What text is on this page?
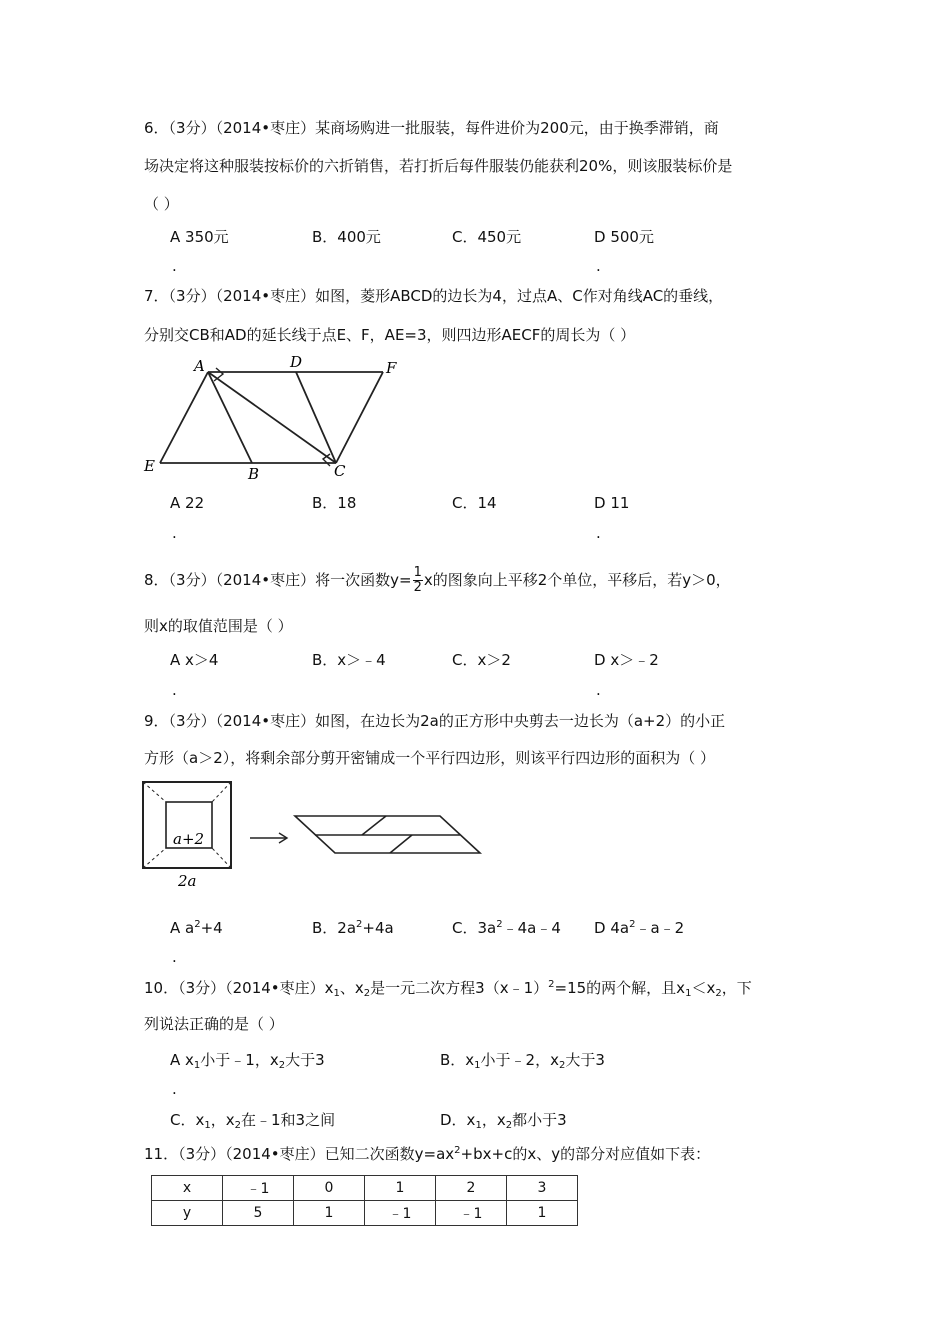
6．（3分）（2014•枣庄）某商场购进一批服装，每件进价为200元，由于换季滞销，商
场决定将这种服装按标价的六折销售，若打折后每件服装仍能获利20%，则该服装标价是
（ ）
A 350元	B．400元	C．450元	D 500元
.	.
7．（3分）（2014•枣庄）如图，菱形ABCD的边长为4，过点A、C作对角线AC的垂线，
分别交CB和AD的延长线于点E、F，AE=3，则四边形AECF的周长为（ ）
A	D	F
E	B	C
A 22	B．18	C．14	D 11
.	.
8．（3分）（2014•枣庄）将一次函数$y= \frac{1}{2}$ x的图象向上平移2个单位，平移后，若y＞0，
则x的取值范围是（ ）
A x＞4	B．x＞﹣4	C．x＞2	D x＞﹣2
.	.
9．（3分）（2014•枣庄）如图，在边长为2a的正方形中央剪去一边长为（a+2）的小正
方形（a＞2），将剩余部分剪开密铺成一个平行四边形，则该平行四边形的面积为（ ）
a+2
2a
A $a^2+4$	B．$2a^2+4a$	C．$3a^2﹣4a﹣4$ D $4a^2﹣a﹣2$
.
10．（3分）（2014•枣庄）$x_1$、$x_2$是一元二次方程3（x﹣1）$^2$=15的两个解，且$x_1<x_2$，下
列说法正确的是（ ）
A $x_1$小于﹣1，$x_2$大于3	B．$x_1$小于﹣2，$x_2$大于3
.
C．$x_1$，$x_2$在﹣1和3之间	D．$x_1$，$x_2$都小于3
11．（3分）（2014•枣庄）已知二次函数$y=ax^2+bx+c$的x、y的部分对应值如下表：
x	﹣1	0	1	2	3
y	5	1	﹣1	﹣1	1
